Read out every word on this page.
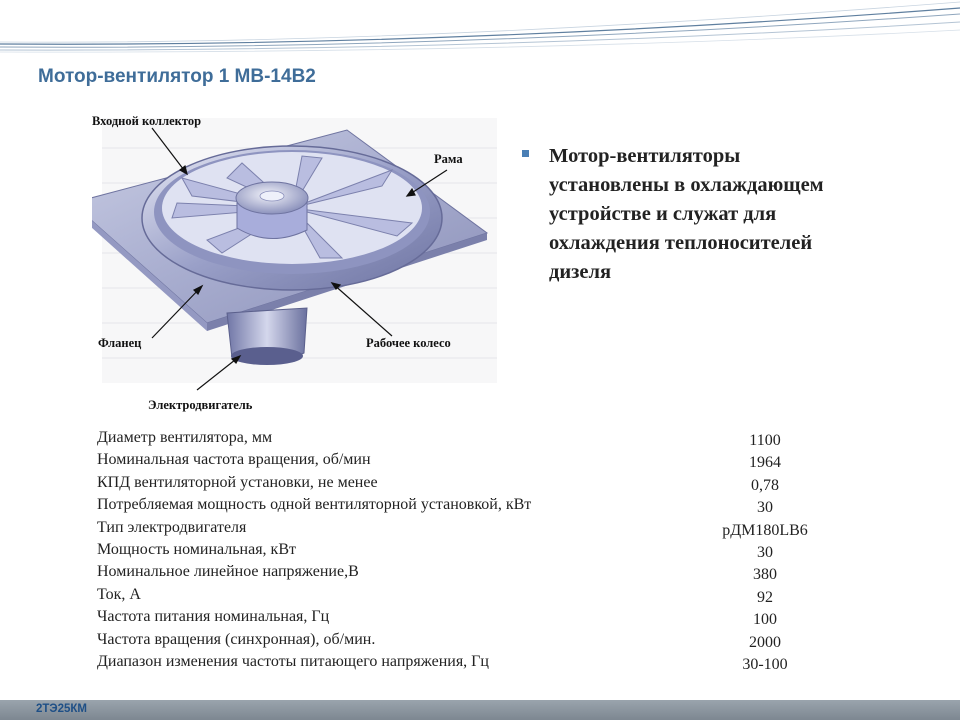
Мотор-вентилятор 1 МВ-14В2
Входной коллектор
Рама
Фланец	Рабочее колесо
Электродвигатель
Мотор-вентиляторы
установлены в охлаждающем
устройстве и служат для
охлаждения теплоносителей
дизеля
Диаметр вентилятора, мм	1100
Номинальная частота вращения, об/мин	1964
КПД вентиляторной установки, не менее	0,78
Потребляемая мощность одной вентиляторной установкой, кВт	30
Тип электродвигателя	рДМ180LB6
Мощность номинальная, кВт	30
Номинальное линейное напряжение,В	380
Ток, А	92
Частота питания номинальная, Гц	100
Частота вращения (синхронная), об/мин.	2000
Диапазон изменения частоты питающего напряжения, Гц	30-100
2ТЭ25КМ
